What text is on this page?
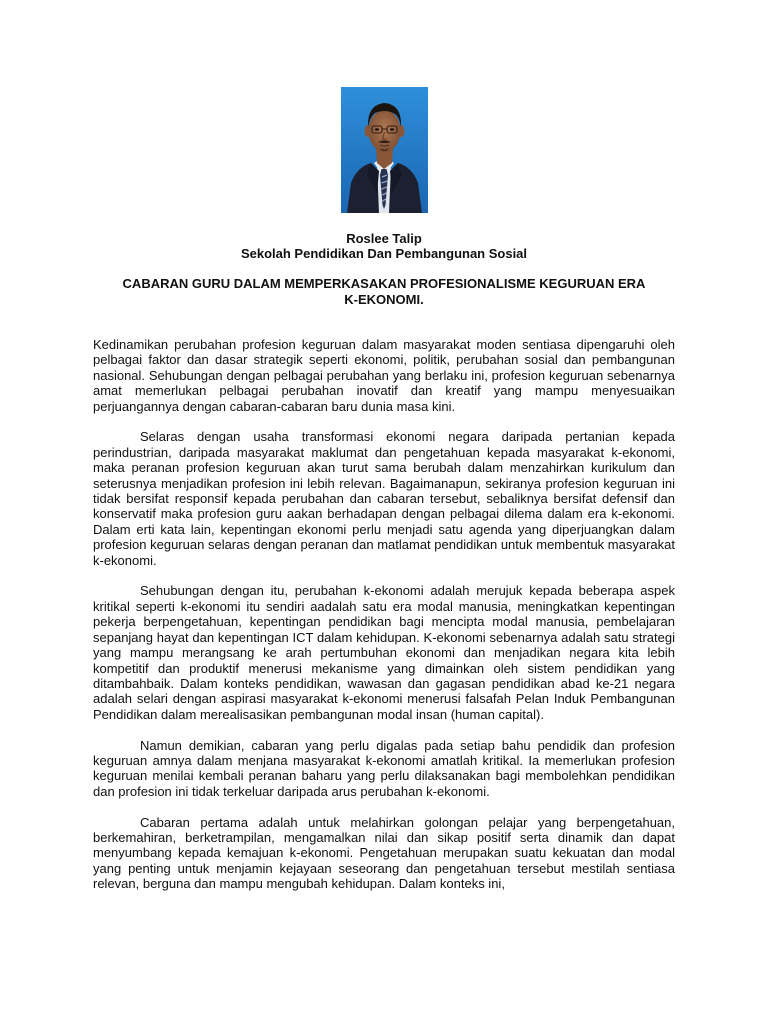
Roslee Talip
Sekolah Pendidikan Dan Pembangunan Sosial
CABARAN GURU DALAM MEMPERKASAKAN PROFESIONALISME KEGURUAN ERA
K-EKONOMI.

Kedinamikan perubahan profesion keguruan dalam masyarakat moden sentiasa dipengaruhi oleh pelbagai faktor dan dasar strategik seperti ekonomi, politik, perubahan sosial dan pembangunan nasional. Sehubungan dengan pelbagai perubahan yang berlaku ini, profesion keguruan sebenarnya amat memerlukan pelbagai perubahan inovatif dan kreatif yang mampu menyesuaikan perjuangannya dengan cabaran-cabaran baru dunia masa kini.

Selaras dengan usaha transformasi ekonomi negara daripada pertanian kepada perindustrian, daripada masyarakat maklumat dan pengetahuan kepada masyarakat k-ekonomi, maka peranan profesion keguruan akan turut sama berubah dalam menzahirkan kurikulum dan seterusnya menjadikan profesion ini lebih relevan. Bagaimanapun, sekiranya profesion keguruan ini tidak bersifat responsif kepada perubahan dan cabaran tersebut, sebaliknya bersifat defensif dan konservatif maka profesion guru aakan berhadapan dengan pelbagai dilema dalam era k-ekonomi. Dalam erti kata lain, kepentingan ekonomi perlu menjadi satu agenda yang diperjuangkan dalam profesion keguruan selaras dengan peranan dan matlamat pendidikan untuk membentuk masyarakat k-ekonomi.

Sehubungan dengan itu, perubahan k-ekonomi adalah merujuk kepada beberapa aspek kritikal seperti k-ekonomi itu sendiri aadalah satu era modal manusia, meningkatkan kepentingan pekerja berpengetahuan, kepentingan pendidikan bagi mencipta modal manusia, pembelajaran sepanjang hayat dan kepentingan ICT dalam kehidupan. K-ekonomi sebenarnya adalah satu strategi yang mampu merangsang ke arah pertumbuhan ekonomi dan menjadikan negara kita lebih kompetitif dan produktif menerusi mekanisme yang dimainkan oleh sistem pendidikan yang ditambahbaik. Dalam konteks pendidikan, wawasan dan gagasan pendidikan abad ke-21 negara adalah selari dengan aspirasi masyarakat k-ekonomi menerusi falsafah Pelan Induk Pembangunan Pendidikan dalam merealisasikan pembangunan modal insan (human capital).

Namun demikian, cabaran yang perlu digalas pada setiap bahu pendidik dan profesion keguruan amnya dalam menjana masyarakat k-ekonomi amatlah kritikal. Ia memerlukan profesion keguruan menilai kembali peranan baharu yang perlu dilaksanakan bagi membolehkan pendidikan dan profesion ini tidak terkeluar daripada arus perubahan k-ekonomi.

Cabaran pertama adalah untuk melahirkan golongan pelajar yang berpengetahuan, berkemahiran, berketrampilan, mengamalkan nilai dan sikap positif serta dinamik dan dapat menyumbang kepada kemajuan k-ekonomi. Pengetahuan merupakan suatu kekuatan dan modal yang penting untuk menjamin kejayaan seseorang dan pengetahuan tersebut mestilah sentiasa relevan, berguna dan mampu mengubah kehidupan. Dalam konteks ini,
